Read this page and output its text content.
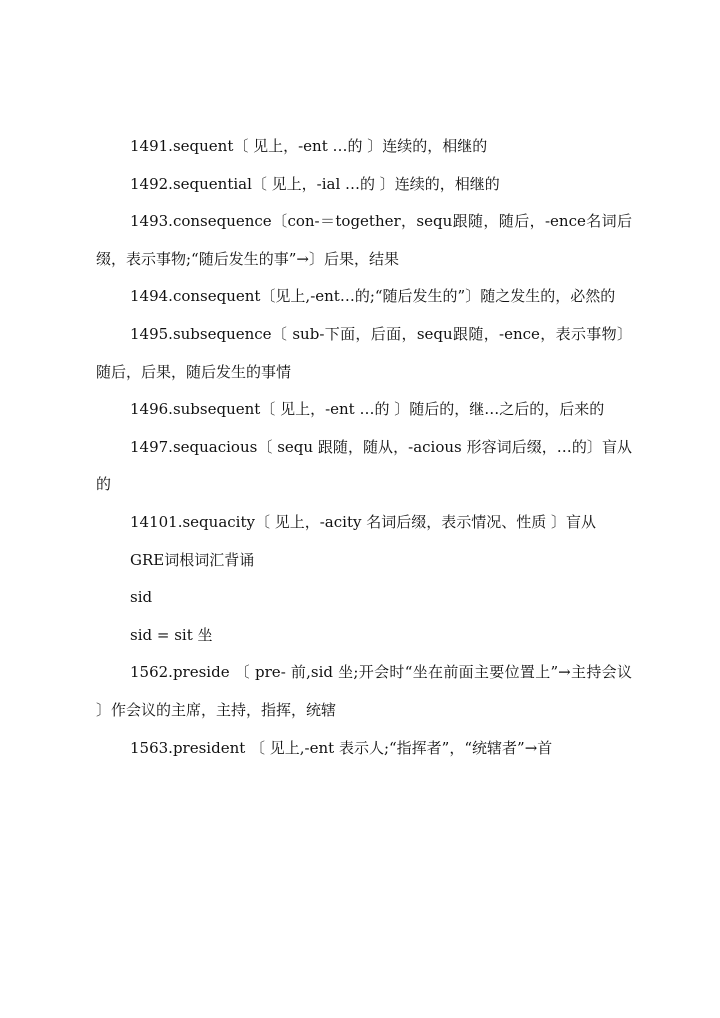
1491.sequent〔 见上，-ent …的 〕连续的，相继的

1492.sequential〔 见上，-ial …的 〕连续的，相继的

1493.consequence〔con-＝together，sequ跟随，随后，-ence名词后缀，表示事物;“随后发生的事”→〕后果，结果

1494.consequent〔见上,-ent…的;“随后发生的”〕随之发生的，必然的

1495.subsequence〔 sub-下面，后面，sequ跟随，-ence，表示事物〕随后，后果，随后发生的事情

1496.subsequent〔 见上，-ent …的 〕随后的，继…之后的，后来的

1497.sequacious〔 sequ 跟随，随从，-acious 形容词后缀，…的〕盲从的

14101.sequacity〔 见上，-acity 名词后缀，表示情况、性质 〕盲从

GRE词根词汇背诵

sid

sid = sit 坐

1562.preside 〔 pre- 前,sid 坐;开会时“坐在前面主要位置上”→主持会议 〕作会议的主席，主持，指挥，统辖

1563.president 〔 见上,-ent 表示人;“指挥者”，“统辖者”→首
